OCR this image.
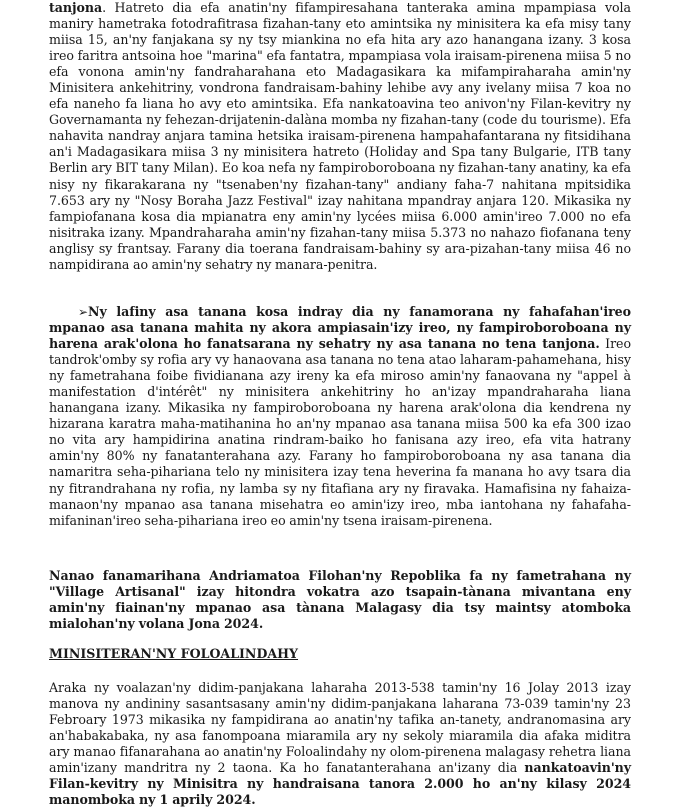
tanjona. Hatreto dia efa anatin'ny fifampiresahana tanteraka amina mpampiasa vola maniry hametraka fotodrafitrasa fizahan-tany eto amintsika ny minisitera ka efa misy tany miisa 15, an'ny fanjakana sy ny tsy miankina no efa hita ary azo hanangana izany. 3 kosa ireo faritra antsoina hoe "marina" efa fantatra, mpampiasa vola iraisam-pirenena miisa 5 no efa vonona amin'ny fandraharahana eto Madagasikara ka mifampiraharaha amin'ny Minisitera ankehitriny, vondrona fandraisam-bahiny lehibe avy any ivelany miisa 7 koa no efa naneho fa liana ho avy eto amintsika. Efa nankatoavina teo anivon'ny Filan-kevitry ny Governamanta ny fehezan-drijatenin-dalàna momba ny fizahan-tany (code du tourisme). Efa nahavita nandray anjara tamina hetsika iraisam-pirenena hampahafantarana ny fitsidihana an'i Madagasikara miisa 3 ny minisitera hatreto (Holiday and Spa tany Bulgarie, ITB tany Berlin ary BIT tany Milan). Eo koa nefa ny fampiroboroboana ny fizahan-tany anatiny, ka efa nisy ny fikarakarana ny "tsenaben'ny fizahan-tany" andiany faha-7 nahitana mpitsidika 7.653 ary ny "Nosy Boraha Jazz Festival" izay nahitana mpandray anjara 120. Mikasika ny fampiofanana kosa dia mpianatra eny amin'ny lycées miisa 6.000 amin'ireo 7.000 no efa nisitraka izany. Mpandraharaha amin'ny fizahan-tany miisa 5.373 no nahazo fiofanana teny anglisy sy frantsay. Farany dia toerana fandraisam-bahiny sy ara-pizahan-tany miisa 46 no nampidirana ao amin'ny sehatry ny manara-penitra.

➢Ny lafiny asa tanana kosa indray dia ny fanamorana ny fahafahan'ireo mpanao asa tanana mahita ny akora ampiasain'izy ireo, ny fampiroboroboana ny harena arak'olona ho fanatsarana ny sehatry ny asa tanana no tena tanjona. Ireo tandrok'omby sy rofia ary vy hanaovana asa tanana no tena atao laharam-pahamehana, hisy ny fametrahana foibe fividianana azy ireny ka efa miroso amin'ny fanaovana ny "appel à manifestation d'intérêt" ny minisitera ankehitriny ho an'izay mpandraharaha liana hanangana izany. Mikasika ny fampiroboroboana ny harena arak'olona dia kendrena ny hizarana karatra maha-matihanina ho an'ny mpanao asa tanana miisa 500 ka efa 300 izao no vita ary hampidirina anatina rindram-baiko ho fanisana azy ireo, efa vita hatrany amin'ny 80% ny fanatanterahana azy. Farany ho fampiroboroboana ny asa tanana dia namaritra seha-pihariana telo ny minisitera izay tena heverina fa manana ho avy tsara dia ny fitrandrahana ny rofia, ny lamba sy ny fitafiana ary ny firavaka. Hamafisina ny fahaiza-manaon'ny mpanao asa tanana misehatra eo amin'izy ireo, mba iantohana ny fahafaha-mifaninan'ireo seha-pihariana ireo eo amin'ny tsena iraisam-pirenena.

Nanao fanamarihana Andriamatoa Filohan'ny Repoblika fa ny fametrahana ny "Village Artisanal" izay hitondra vokatra azo tsapain-tànana mivantana eny amin'ny fiainan'ny mpanao asa tànana Malagasy dia tsy maintsy atomboka mialohan'ny volana Jona 2024.

MINISITERAN'NY FOLOALINDAHY

Araka ny voalazan'ny didim-panjakana laharaha 2013-538 tamin'ny 16 Jolay 2013 izay manova ny andininy sasantsasany amin'ny didim-panjakana laharana 73-039 tamin'ny 23 Febroary 1973 mikasika ny fampidirana ao anatin'ny tafika an-tanety, andranomasina ary an'habakabaka, ny asa fanompoana miaramila ary ny sekoly miaramila dia afaka miditra ary manao fifanarahana ao anatin'ny Foloalindahy ny olom-pirenena malagasy rehetra liana amin'izany mandritra ny 2 taona. Ka ho fanatanterahana an'izany dia nankatoavin'ny Filan-kevitry ny Minisitra ny handraisana tanora 2.000 ho an'ny kilasy 2024 manomboka ny 1 aprily 2024.
